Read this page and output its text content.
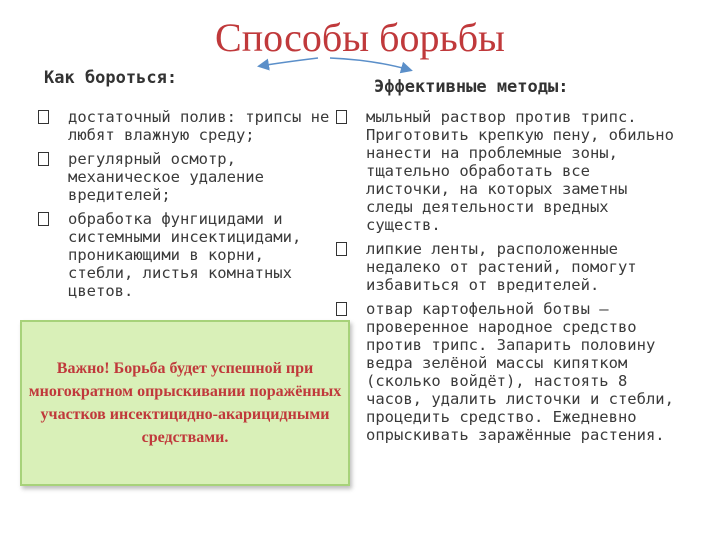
Способы борьбы
Как бороться:	Эффективные методы:
достаточный полив: трипсы не любят влажную среду;
регулярный осмотр, механическое удаление вредителей;
обработка фунгицидами и системными инсектицидами, проникающими в корни, стебли, листья комнатных цветов.
мыльный раствор против трипс. Приготовить крепкую пену, обильно нанести на проблемные зоны, тщательно обработать все листочки, на которых заметны следы деятельности вредных существ.
липкие ленты, расположенные недалеко от растений, помогут избавиться от вредителей.
отвар картофельной ботвы – проверенное народное средство против трипс. Запарить половину ведра зелёной массы кипятком (сколько войдёт), настоять 8 часов, удалить листочки и стебли, процедить средство. Ежедневно опрыскивать заражённые растения.
Важно! Борьба будет успешной при многократном опрыскивании поражённых участков инсектицидно-акарицидными средствами.
